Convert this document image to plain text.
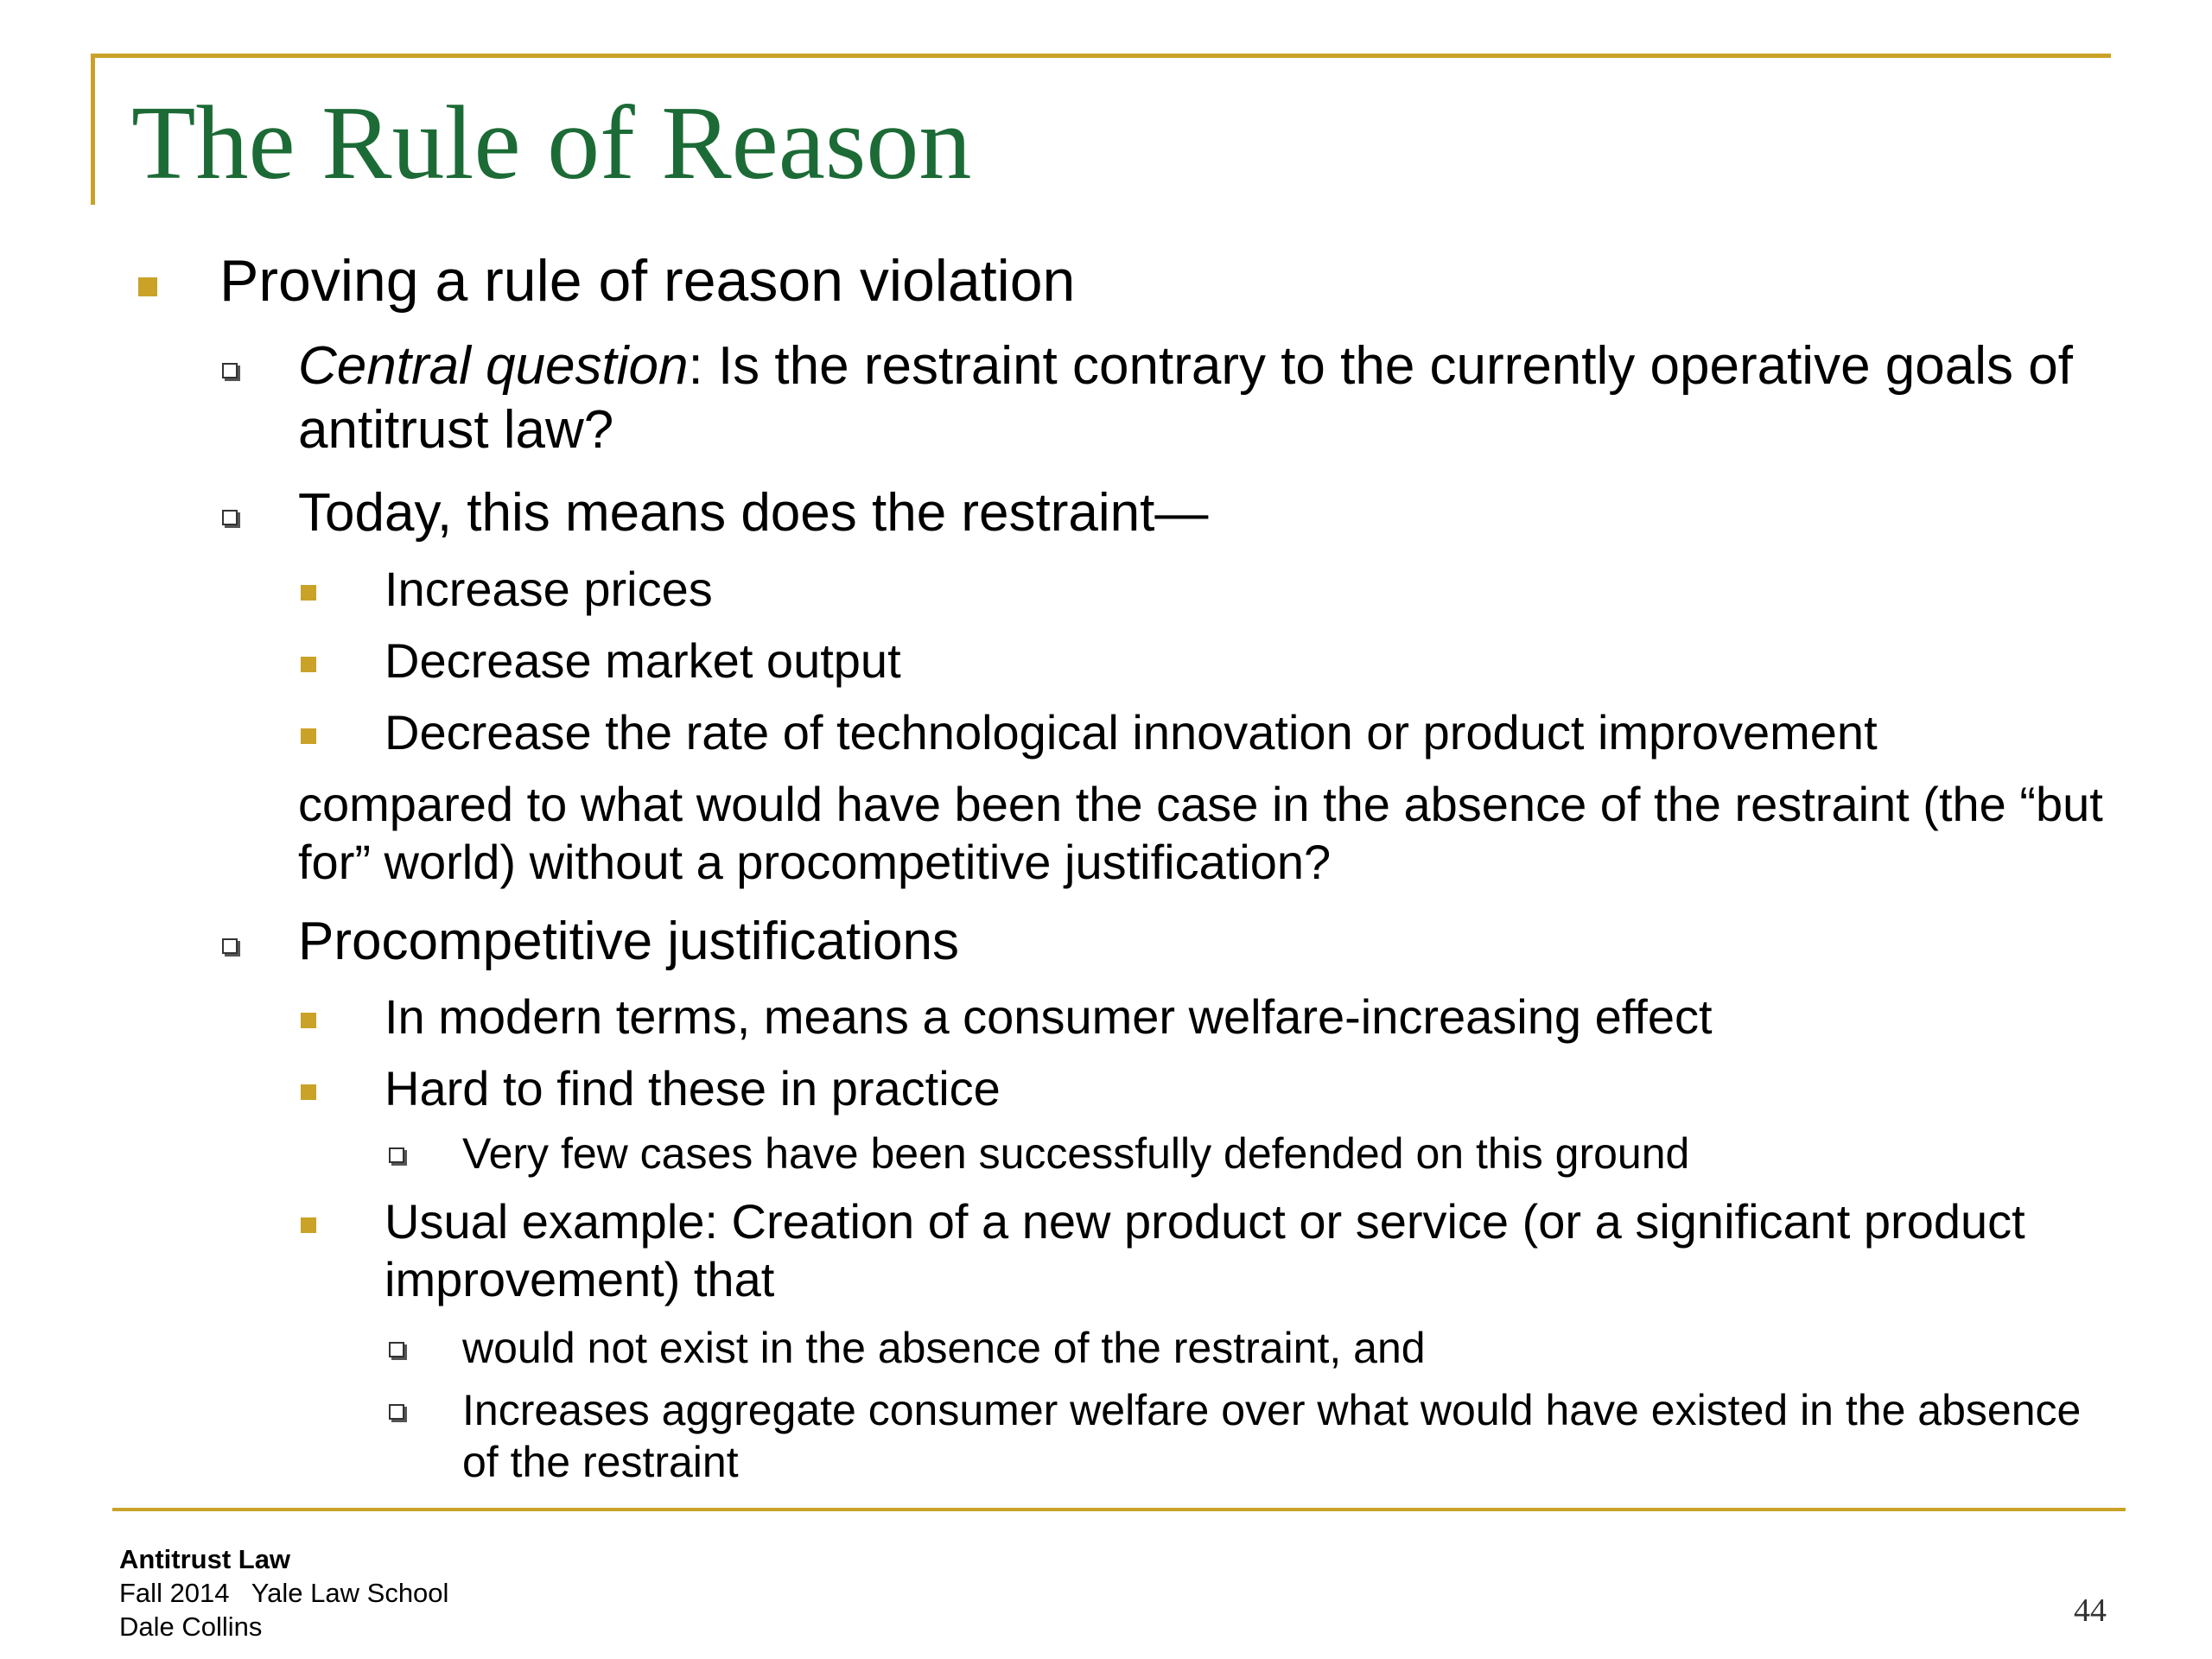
The Rule of Reason
Proving a rule of reason violation
Central question: Is the restraint contrary to the currently operative goals of antitrust law?
Today, this means does the restraint—
Increase prices
Decrease market output
Decrease the rate of technological innovation or product improvement
compared to what would have been the case in the absence of the restraint (the “but for” world) without a procompetitive justification?
Procompetitive justifications
In modern terms, means a consumer welfare-increasing effect
Hard to find these in practice
Very few cases have been successfully defended on this ground
Usual example: Creation of a new product or service (or a significant product improvement) that
would not exist in the absence of the restraint, and
Increases aggregate consumer welfare over what would have existed in the absence of the restraint
Antitrust Law
Fall 2014   Yale Law School
Dale Collins	44
